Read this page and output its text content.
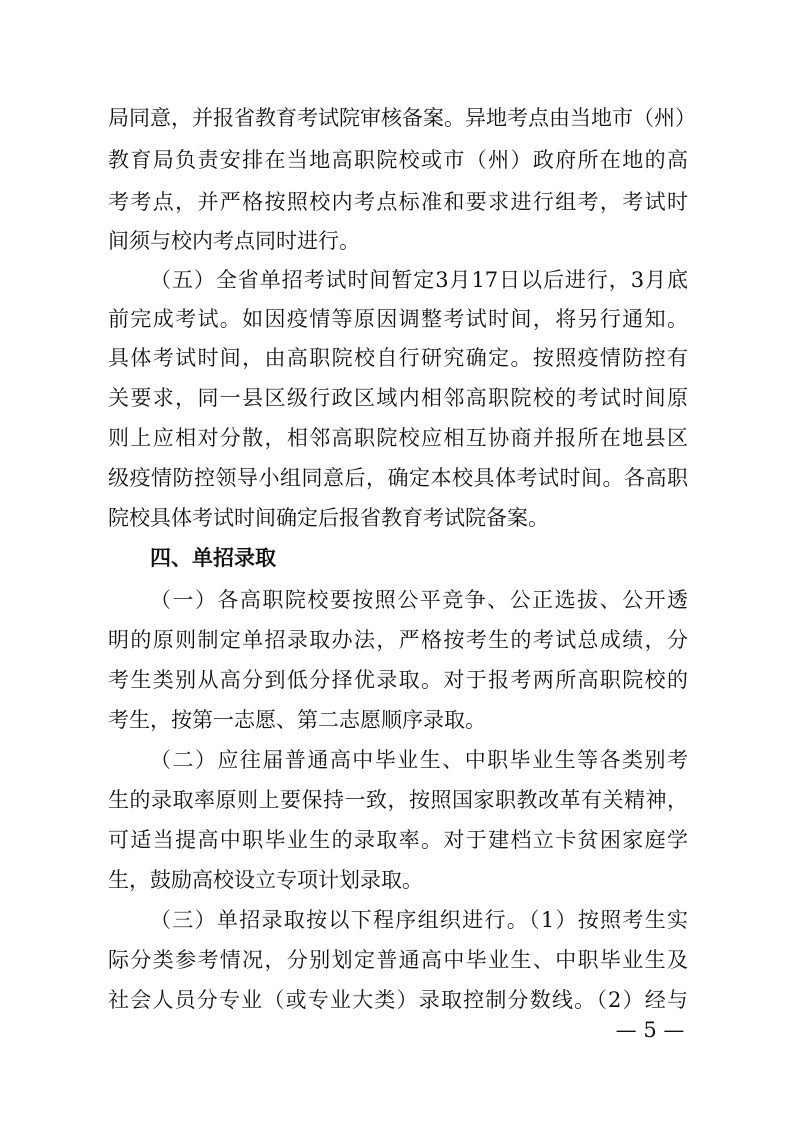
局同意，并报省教育考试院审核备案。异地考点由当地市（州）
教育局负责安排在当地高职院校或市（州）政府所在地的高
考考点，并严格按照校内考点标准和要求进行组考，考试时
间须与校内考点同时进行。
（五）全省单招考试时间暂定3月17日以后进行，3月底
前完成考试。如因疫情等原因调整考试时间，将另行通知。
具体考试时间，由高职院校自行研究确定。按照疫情防控有
关要求，同一县区级行政区域内相邻高职院校的考试时间原
则上应相对分散，相邻高职院校应相互协商并报所在地县区
级疫情防控领导小组同意后，确定本校具体考试时间。各高职
院校具体考试时间确定后报省教育考试院备案。
四、单招录取
（一）各高职院校要按照公平竞争、公正选拔、公开透
明的原则制定单招录取办法，严格按考生的考试总成绩，分
考生类别从高分到低分择优录取。对于报考两所高职院校的
考生，按第一志愿、第二志愿顺序录取。
（二）应往届普通高中毕业生、中职毕业生等各类别考
生的录取率原则上要保持一致，按照国家职教改革有关精神，
可适当提高中职毕业生的录取率。对于建档立卡贫困家庭学
生，鼓励高校设立专项计划录取。
（三）单招录取按以下程序组织进行。（1）按照考生实
际分类参考情况，分别划定普通高中毕业生、中职毕业生及
社会人员分专业（或专业大类）录取控制分数线。（2）经与
— 5 —
